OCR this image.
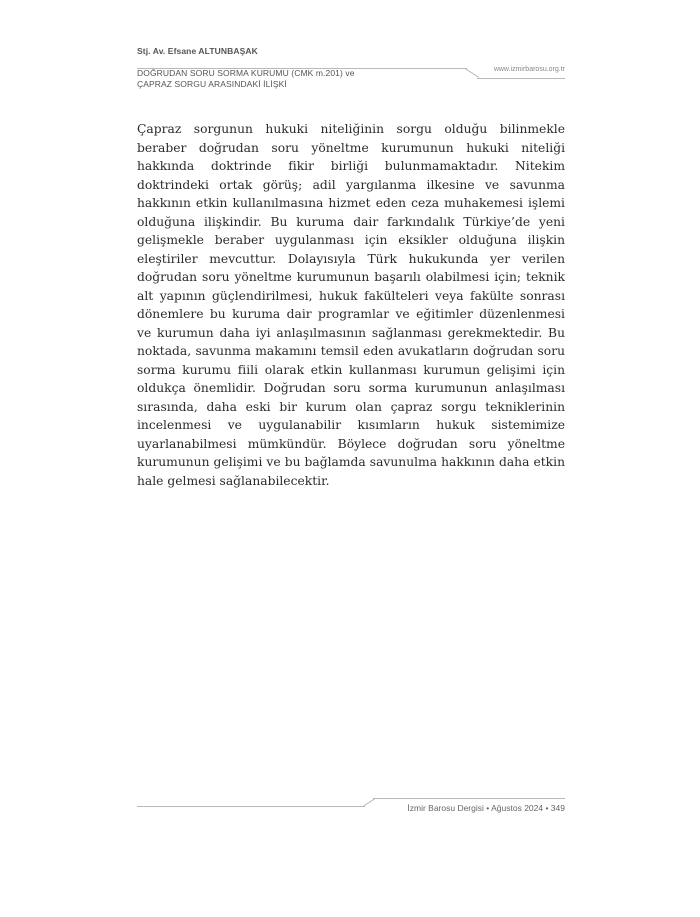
Stj. Av. Efsane ALTUNBAŞAK
www.izmirbarosu.org.tr
DOĞRUDAN SORU SORMA KURUMU (CMK m.201) ve
ÇAPRAZ SORGU ARASINDAKİ İLİŞKİ

Çapraz sorgunun hukuki niteliğinin sorgu olduğu bilinmekle beraber doğrudan soru yöneltme kurumunun hukuki niteliği hakkında doktrinde fikir birliği bulunmamaktadır. Nitekim doktrindeki ortak görüş; adil yargılanma ilkesine ve savunma hakkının etkin kullanılmasına hizmet eden ceza muhakemesi işlemi olduğuna ilişkindir. Bu kuruma dair farkındalık Türkiye’de yeni gelişmekle beraber uygulanması için eksikler olduğuna ilişkin eleştiriler mevcuttur. Dolayısıyla Türk hukukunda yer verilen doğrudan soru yöneltme kurumunun başarılı olabilmesi için; teknik alt yapının güçlendirilmesi, hukuk fakülteleri veya fakülte sonrası dönemlere bu kuruma dair programlar ve eğitimler düzenlenmesi ve kurumun daha iyi anlaşılmasının sağlanması gerekmektedir. Bu noktada, savunma makamını temsil eden avukatların doğrudan soru sorma kurumu fiili olarak etkin kullanması kurumun gelişimi için oldukça önemlidir. Doğrudan soru sorma kurumunun anlaşılması sırasında, daha eski bir kurum olan çapraz sorgu tekniklerinin incelenmesi ve uygulanabilir kısımların hukuk sistemimize uyarlanabilmesi mümkündür. Böylece doğrudan soru yöneltme kurumunun gelişimi ve bu bağlamda savunulma hakkının daha etkin hale gelmesi sağlanabilecektir.

İzmir Barosu Dergisi • Ağustos 2024 • 349
